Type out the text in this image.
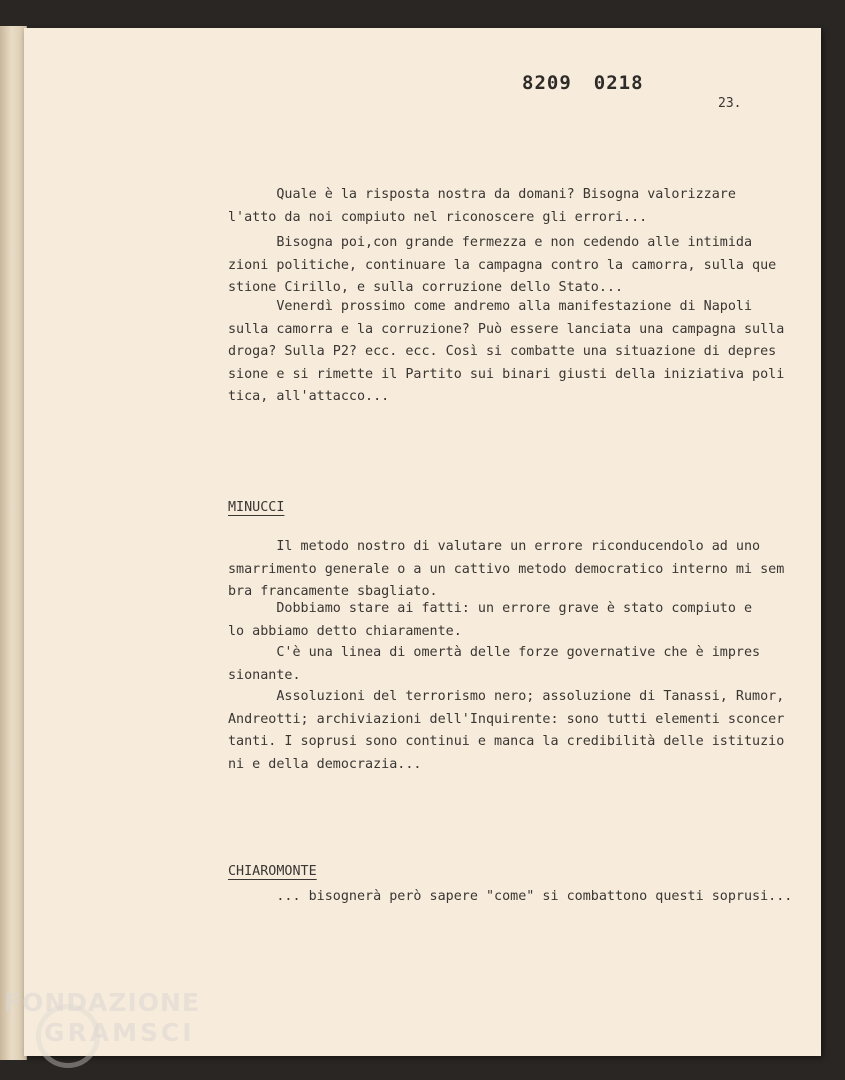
8209 0218
23.
Quale è la risposta nostra da domani? Bisogna valorizzare
l'atto da noi compiuto nel riconoscere gli errori...
Bisogna poi,con grande fermezza e non cedendo alle intimida
zioni politiche, continuare la campagna contro la camorra, sulla que
stione Cirillo, e sulla corruzione dello Stato...
Venerdì prossimo come andremo alla manifestazione di Napoli
sulla camorra e la corruzione? Può essere lanciata una campagna sulla
droga? Sulla P2? ecc. ecc. Così si combatte una situazione di depres
sione e si rimette il Partito sui binari giusti della iniziativa poli
tica, all'attacco...
MINUCCI
Il metodo nostro di valutare un errore riconducendolo ad uno
smarrimento generale o a un cattivo metodo democratico interno mi sem
bra francamente sbagliato.
Dobbiamo stare ai fatti: un errore grave è stato compiuto e
lo abbiamo detto chiaramente.
C'è una linea di omertà delle forze governative che è impres
sionante.
Assoluzioni del terrorismo nero; assoluzione di Tanassi, Rumor,
Andreotti; archiviazioni dell'Inquirente: sono tutti elementi sconcer
tanti. I soprusi sono continui e manca la credibilità delle istituzio
ni e della democrazia...
CHIAROMONTE
... bisognerà però sapere "come" si combattono questi soprusi...
FONDAZIONE
GRAMSCI
